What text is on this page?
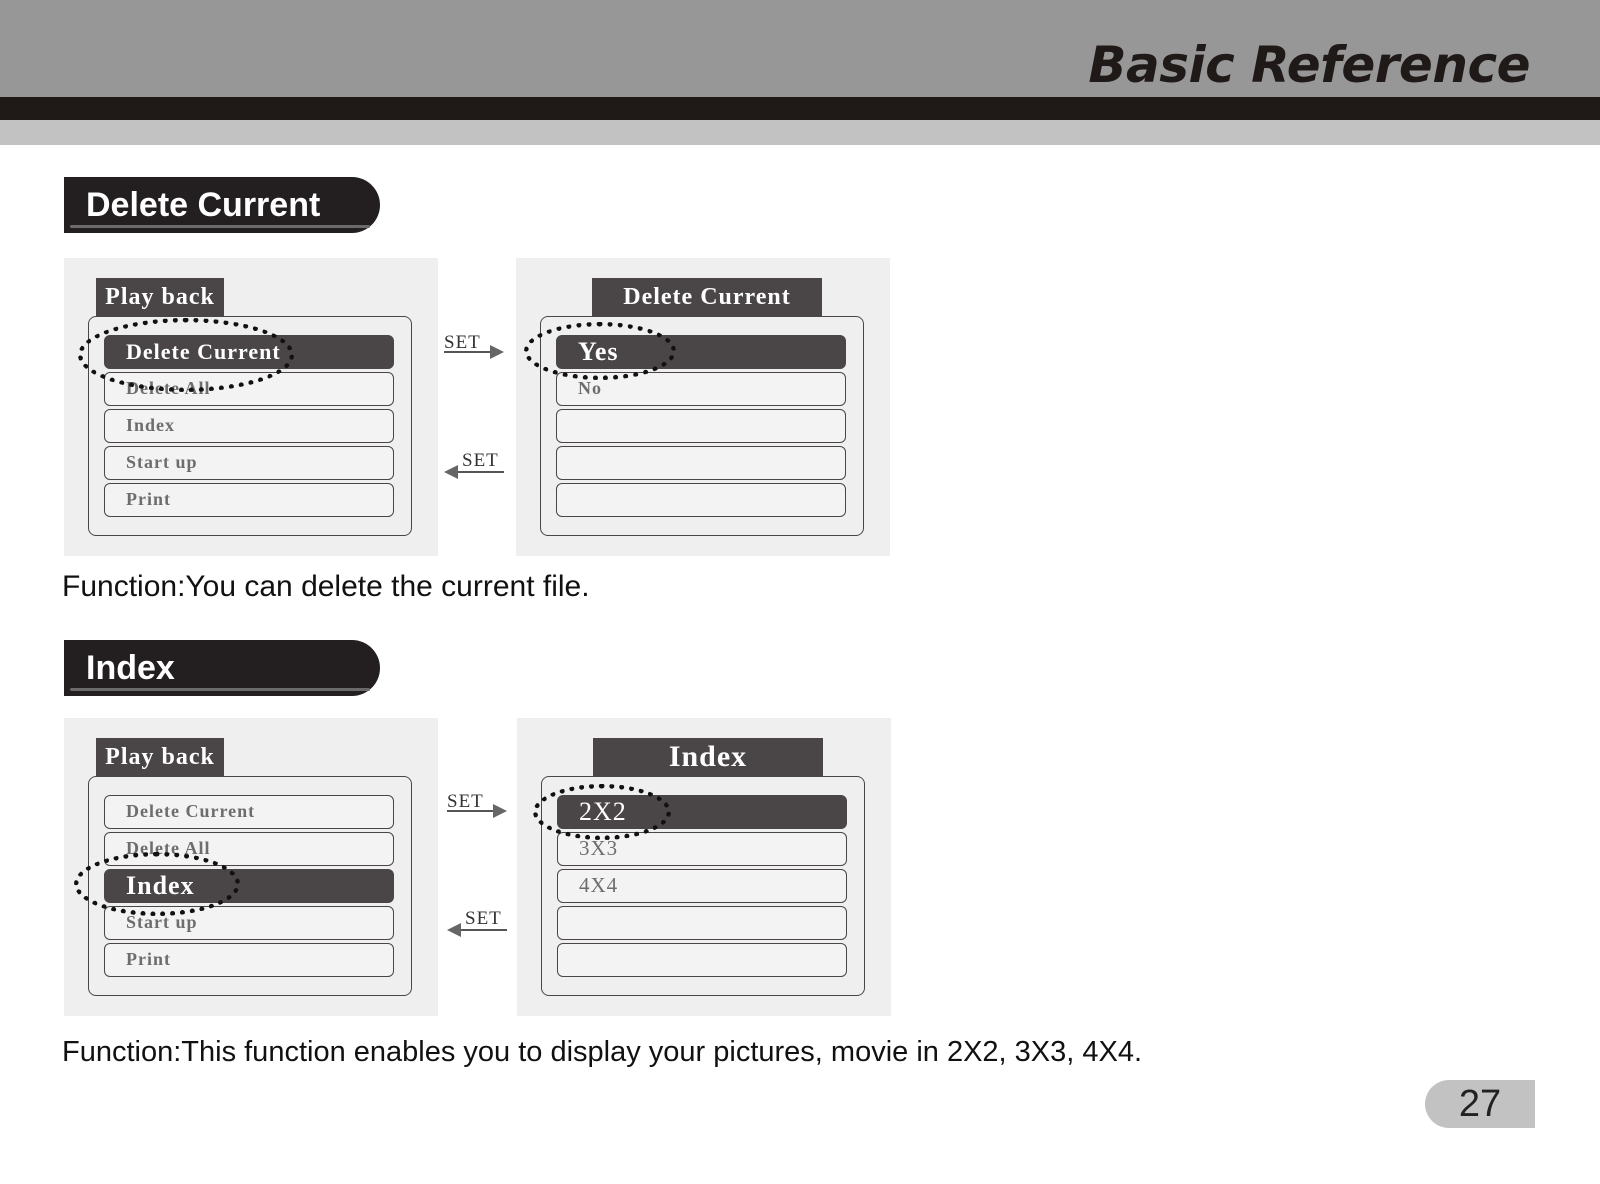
Basic Reference
Delete Current
Play back
Delete Current
Delete All
Index
Start up
Print
SET
SET
Delete Current
Yes
No
Function:You can delete the current file.
Index
Play back
Delete Current
Delete All
Index
Start up
Print
SET
SET
Index
2X2
3X3
4X4
Function:This function enables you to display your pictures, movie in 2X2, 3X3, 4X4.
27
